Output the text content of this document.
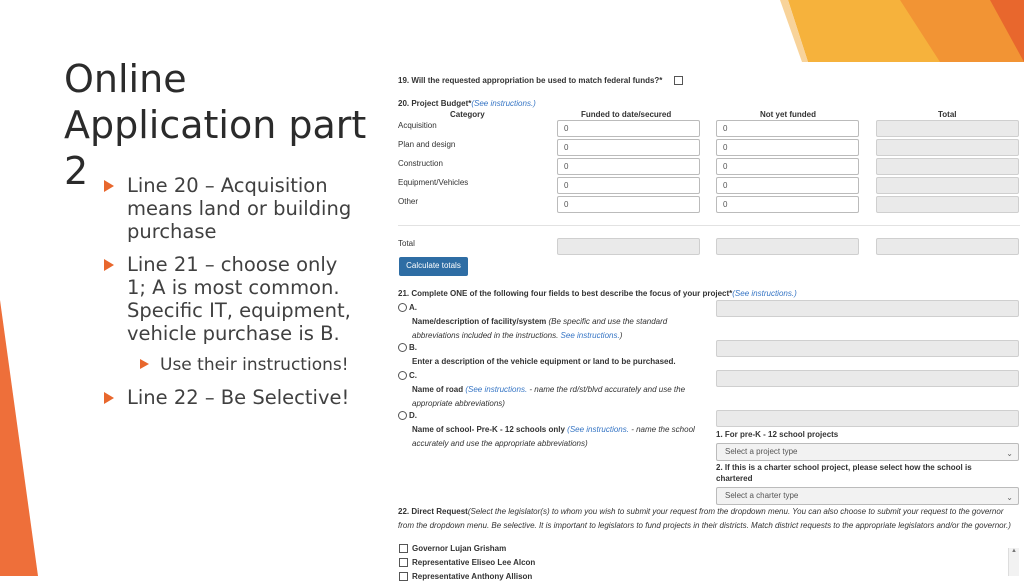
Online Application part 2	Line 20 – Acquisition means land or building purchase
Line 21 – choose only 1; A is most common. Specific IT, equipment, vehicle purchase is B.
Use their instructions!
Line 22 – Be Selective!
19. Will the requested appropriation be used to match federal funds?*
20. Project Budget*(See instructions.)
Category	Funded to date/secured	Not yet funded	Total
Acquisition	0	0
Plan and design	0	0
Construction	0	0
Equipment/Vehicles	0	0
Other	0	0
Total
Calculate totals
21. Complete ONE of the following four fields to best describe the focus of your project*(See instructions.)
A.
Name/description of facility/system (Be specific and use the standard
abbreviations included in the instructions. See instructions.)
B.
Enter a description of the vehicle equipment or land to be purchased.
C.
Name of road (See instructions. - name the rd/st/blvd accurately and use the
appropriate abbreviations)
D.
Name of school- Pre-K - 12 schools only (See instructions. - name the school
accurately and use the appropriate abbreviations)
1. For pre-K - 12 school projects
Select a project type	⌄
2. If this is a charter school project, please select how the school is
chartered
Select a charter type	⌄
22. Direct Request(Select the legislator(s) to whom you wish to submit your request from the dropdown menu. You can also choose to submit your request to the governor
from the dropdown menu. Be selective. It is important to legislators to fund projects in their districts. Match district requests to the appropriate legislators and/or the governor.)
Governor Lujan Grisham
Representative Eliseo Lee Alcon
Representative Anthony Allison
▲
